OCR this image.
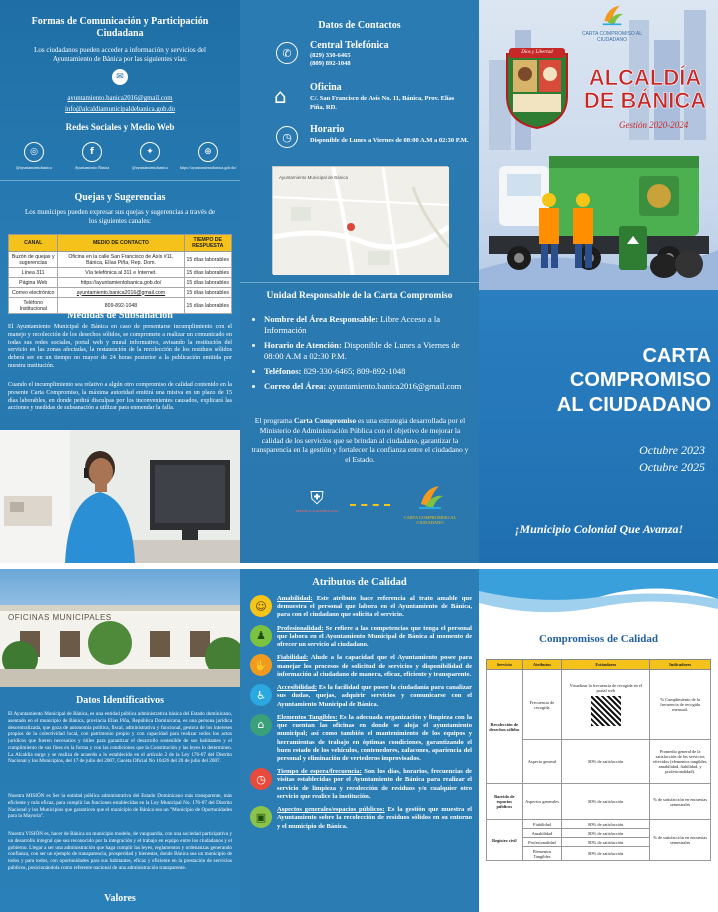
Formas de Comunicación y Participación Ciudadana
Los ciudadanos pueden acceder a información y servicios del Ayuntamiento de Bánica por las siguientes vías:
✉
ayuntamiento.banica2016@gmail.com
info@alcaldiamunicipaldebanica.gob.do
Redes Sociales y Medio Web
◎
@ayuntamientobanica
f
Ayuntamiento Bánica
✦
@ayuntamientobanica
⊕
https://ayuntamientobanica.gob.do/
Quejas y Sugerencias
Los munícipes pueden expresar sus quejas y sugerencias a través de los siguientes canales:
CANAL	MEDIO DE CONTACTO	TIEMPO DE RESPUESTA
Buzón de quejas y sugerencias	Oficina en la calle San Francisco de Asís #11, Bánica, Elías Piña, Rep. Dom.	15 días laborables
Línea 311	Vía telefónica al 311 e Internet.	15 días laborables
Página Web	https://ayuntamientobanica.gob.do/	15 días laborables
Correo electrónico	ayuntamiento.banica2016@gmail.com	15 días laborables
Teléfono Institucional	809-892-1048	15 días laborables
Medidas de Subsanación
El Ayuntamiento Municipal de Bánica en caso de presentarse incumplimiento con el manejo y recolección de los desechos sólidos, se compromete a realizar un comunicado en todas sus redes sociales, portal web y mural informativo, avisando la restitución del servicio en las zonas afectadas, la restauración de la recolección de los residuos sólidos deberá ser en un tiempo no mayor de 24 horas posterior a la publicación emitida por nuestra institución.
Cuando el incumplimiento sea relativo a algún otro compromiso de calidad contenido en la presente Carta Compromiso, la máxima autoridad emitirá una misiva en un plazo de 15 días laborables, en donde pedirá disculpas por los inconvenientes causados, explicará las acciones y medidas de subsanación a utilizar para enmendar la falla.
Datos de Contactos
✆
Central Telefónica
(829) 330-6465
(809) 892-1048
⌂	Oficina
C/. San Francisco de Asís No. 11, Bánica, Prov. Elías Piña, RD.
◷
Horario
Disponible de Lunes a Viernes de 08:00 A.M a 02:30 P.M.
Ayuntamiento Municipal de Bánica
Unidad Responsable de la Carta Compromiso
• Nombre del Área Responsable: Libre Acceso a la Información
• Horario de Atención: Disponible de Lunes a Viernes de 08:00 A.M a 02:30 P.M.
• Teléfonos: 829-330-6465; 809-892-1048
• Correo del Área: ayuntamiento.banica2016@gmail.com
El programa Carta Compromiso es una estrategia desarrollada por el Ministerio de Administración Pública con el objetivo de mejorar la calidad de los servicios que se brindan al ciudadano, garantizar la transparencia en la gestión y fortalecer la confianza entre el ciudadano y el Estado.
⛨
REPÚBLICA DOMINICANA
CARTA COMPROMISO AL CIUDADANO
CARTA COMPROMISO AL CIUDADANO
Dios y Libertad
ALCALDÍA
DE BÁNICA
Gestión 2020-2024
CARTA
COMPROMISO
AL CIUDADANO
Octubre 2023
Octubre 2025
¡Municipio Colonial Que Avanza!
OFICINAS MUNICIPALES
Datos Identificativos
El Ayuntamiento Municipal de Bánica, es una entidad pública administrativa básica del Estado dominicano, asentado en el municipio de Bánica, provincia Elías Piña, República Dominicana, es una persona jurídica descentralizada, que goza de autonomía política, fiscal, administrativa y funcional, gestora de los intereses propios de la colectividad local, con patrimonio propio y con capacidad para realizar todos los actos jurídicos que fueren necesarios y útiles para garantizar el desarrollo sostenible de sus habitantes y el cumplimiento de sus fines en la forma y con las condiciones que la Constitución y las leyes lo determinen. La Alcaldía surge y se realiza de acuerdo a lo establecido en el artículo 2 de la Ley 176-07 del Distrito Nacional y los Municipios, del 17 de julio del 2007, Gaceta Oficial No 10426 del 20 de julio del 2007.
Nuestra MISIÓN es Ser la entidad pública administrativa del Estado Dominicano más transparente, más eficiente y más eficaz, para cumplir las funciones establecidas en la Ley Municipal No. 176-07 del Distrito Nacional y los Municipios que garanticen que el municipio de Bánica sea un "Municipio de Oportunidades para la Mayoría".
Nuestra VISIÓN es, hacer de Bánica un municipio modelo, de vanguardia, con una sociedad participativa y un desarrollo integral que sea reconocido por la integración y el trabajo en equipo entre los ciudadanos y el gobierno. Llegar a ser una administración que haga cumplir las leyes, reglamentos y ordenanzas generando confianza, con ser un ejemplo de transparencia, prosperidad y bienestar, donde Bánica sea un municipio de todos y para todos, con oportunidades para sus habitantes, eficaz y eficiente en la prestación de servicios públicos, posicionándola como referente nacional de una administración transparente.
Valores
Atributos de Calidad
☺
Amabilidad: Este atributo hace referencia al trato amable que demuestra el personal que labora en el Ayuntamiento de Bánica, para con el ciudadano que solicita el servicio.
♟
Profesionalidad: Se refiere a las competencias que tenga el personal que labora en el Ayuntamiento Municipal de Bánica al momento de ofrecer un servicio al ciudadano.
✋
Fiabilidad: Alude a la capacidad que el Ayuntamiento posee para manejar los procesos de solicitud de servicios y disponibilidad de información al ciudadano de manera, eficaz, eficiente y transparente.
♿
Accesibilidad: Es la facilidad que posee la ciudadanía para canalizar sus dudas, quejas, adquirir servicios y comunicarse con el Ayuntamiento Municipal de Bánica.
⌂
Elementos Tangibles: Es la adecuada organización y limpieza con la que cuentan las oficinas en donde se aloja el ayuntamiento municipal; así como también el mantenimiento de los equipos y herramientas de trabajo en óptimas condiciones, garantizando el buen estado de los vehículos, contenedores, zafacones, apariencia del personal y eliminación de vertederos improvisados.
◷
Tiempo de espera/frecuencia: Son los días, horarios, frecuencias de visitas establecidas por el Ayuntamiento de Bánica para realizar el servicio de limpieza y recolección de residuos y/o cualquier otro servicio que realice la institución.
▣
Aspectos generales/espacios públicos: Es la gestión que muestra el Ayuntamiento sobre la recolección de residuos sólidos en su entorno y el municipio de Bánica.
Compromisos de Calidad
Servicio	Atributos	Estándares	Indicadores
Recolección de desechos sólidos	Frecuencia de recogida	Visualizar la frecuencia de recogida en el portal web	% Cumplimiento de la frecuencia de recogida mensual.
	Aspecto general	80% de satisfacción	Promedio general de la satisfacción de los servicios ofrecidos (elementos tangibles, amabilidad, fiabilidad, y profesionalidad).
Barrido de espacios públicos	Aspectos generales	80% de satisfacción	% de satisfacción en encuestas semestrales
Registro civil	Fiabilidad	80% de satisfacción	% de satisfacción en encuestas semestrales
	Amabilidad	80% de satisfacción	
	Profesionalidad	80% de satisfacción	
	Elementos Tangibles	80% de satisfacción	
